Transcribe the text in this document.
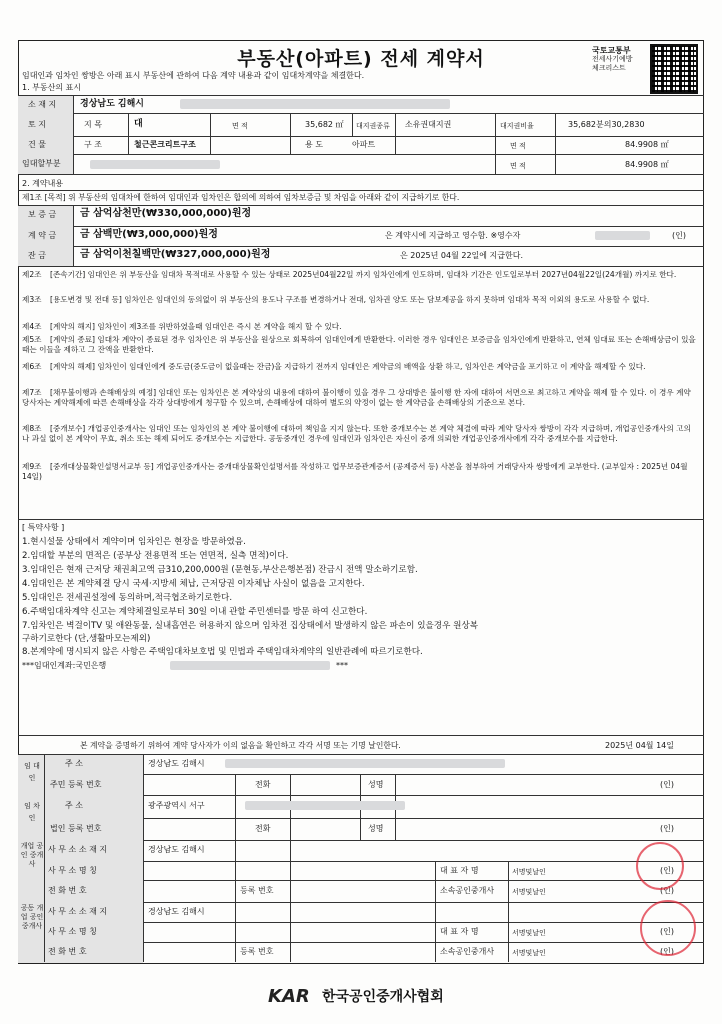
부동산(아파트) 전세 계약서	국토교통부
전세사기예방
체크리스트
임대인과 임차인 쌍방은 아래 표시 부동산에 관하여 다음 계약 내용과 같이 임대차계약을 체결한다.
1. 부동산의 표시
소 재 지	경상남도 김해시
토 지	지 목	대	면 적	35,682 ㎡ 대지권종류 소유권대지권	대지권비율	35,682분의30,2830
건 물	구 조	철근콘크리트구조	용 도	아파트	면 적	84.9908 ㎡
임대할부분	면 적	84.9908 ㎡
2. 계약내용
제1조 [목적] 위 부동산의 임대차에 한하여 임대인과 임차인은 합의에 의하여 임차보증금 및 차임을 아래와 같이 지급하기로 한다.
보 증 금 금 삼억삼천만(₩330,000,000)원정
계 약 금 금 삼백만(₩3,000,000)원정	은 계약시에 지급하고 영수함. ※영수자	(인)
잔 금	금 삼억이천칠백만(₩327,000,000)원정	은 2025년 04월 22일에 지급한다.
제2조 [존속기간] 임대인은 위 부동산을 임대차 목적대로 사용할 수 있는 상태로 2025년04월22일 까지 임차인에게 인도하며, 임대차 기간은 인도일로부터 2027년04월22일(24개월) 까지로 한다.
제3조 [용도변경 및 전대 등] 임차인은 임대인의 동의없이 위 부동산의 용도나 구조를 변경하거나 전대, 임차권 양도 또는 담보제공을 하지 못하며 임대차 목적 이외의 용도로 사용할 수 없다.
제4조 [계약의 해지] 임차인이 제3조를 위반하였을때 임대인은 즉시 본 계약을 해지 할 수 있다.
제5조 [계약의 종료] 임대차 계약이 종료된 경우 임차인은 위 부동산을 원상으로 회복하여 임대인에게 반환한다. 이러한 경우 임대인은 보증금을 임차인에게 반환하고, 연체 임대료 또는 손해배상금이 있을 때는 이들을 제하고 그 잔액을 반환한다.
제6조 [계약의 해제] 임차인이 임대인에게 중도금(중도금이 없을때는 잔금)을 지급하기 전까지 임대인은 계약금의 배액을 상환 하고, 임차인은 계약금을 포기하고 이 계약을 해제할 수 있다.
제7조 [채무불이행과 손해배상의 예정] 임대인 또는 임차인은 본 계약상의 내용에 대하여 불이행이 있을 경우 그 상대방은 불이행 한 자에 대하여 서면으로 최고하고 계약을 해제 할 수 있다. 이 경우 계약 당사자는 계약해제에 따른 손해배상을 각각 상대방에게 청구할 수 있으며, 손해배상에 대하여 별도의 약정이 없는 한 계약금을 손해배상의 기준으로 본다.
제8조 [중개보수] 개업공인중개사는 임대인 또는 임차인의 본 계약 불이행에 대하여 책임을 지지 않는다. 또한 중개보수는 본 계약 체결에 따라 계약 당사자 쌍방이 각각 지급하며, 개업공인중개사의 고의나 과실 없이 본 계약이 무효, 취소 또는 해제 되어도 중개보수는 지급한다. 공동중개인 경우에 임대인과 임차인은 자신이 중개 의뢰한 개업공인중개사에게 각각 중개보수를 지급한다.
제9조 [중개대상물확인설명서교부 등] 개업공인중개사는 중개대상물확인설명서를 작성하고 업무보증관계증서 (공제증서 등) 사본을 첨부하여 거래당사자 쌍방에게 교부한다. (교부일자 : 2025년 04월 14일)
[ 특약사항 ]
1.현시설물 상태에서 계약이며 임차인은 현장을 방문하였음.
2.임대할 부분의 면적은 (공부상 전용면적 또는 연면적, 실측 면적)이다.
3.임대인은 현재 근저당 채권최고액 금310,200,000원 (문현동,부산은행본점) 잔금시 전액 말소하기로함.
4.임대인은 본 계약체결 당시 국세·지방세 체납, 근저당권 이자체납 사실이 없음을 고지한다.
5.임대인은 전세권설정에 동의하며,적극협조하기로한다.
6.주택임대차계약 신고는 계약체결일로부터 30일 이내 관할 주민센터를 방문 하여 신고한다.
7.임차인은 벽걸이TV 및 애완동물, 실내흡연은 허용하지 않으며 임차전 집상태에서 발생하지 않은 파손이 있을경우 원상복
구하기로한다 (단,생활마모는제외)
8.본계약에 명시되지 않은 사항은 주택임대차보호법 및 민법과 주택임대차계약의 일반관례에 따르기로한다.
***임대인계좌:국민은행	***
본 계약을 증명하기 위하여 계약 당사자가 이의 없음을 확인하고 각각 서명 또는 기명 날인한다.	2025년 04월 14일
임 대 인
주 소	경상남도 김해시
주민 등록 번호	전화	성명	(인)
임 차 인
주 소	광주광역시 서구
법인 등록 번호	전화	성명	(인)
개업 공인 중개사
사 무 소 소 재 지	경상남도 김해시
사 무 소 명 칭	대 표 자 명	서명및날인	(인)
전 화 번 호	등록 번호	소속공인중개사	서명및날인	(인)
공동 개업 공인 중개사
사 무 소 소 재 지	경상남도 김해시
사 무 소 명 칭	대 표 자 명	서명및날인	(인)
전 화 번 호	등록 번호	소속공인중개사	서명및날인	(인)
KAR 한국공인중개사협회
